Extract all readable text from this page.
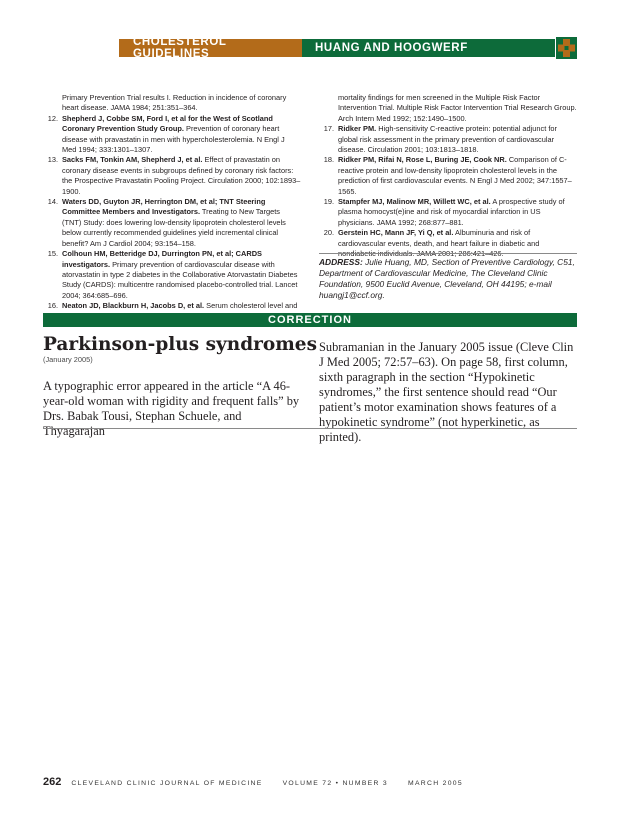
CHOLESTEROL GUIDELINES	HUANG AND HOOGWERF
Primary Prevention Trial results I. Reduction in incidence of coronary heart disease. JAMA 1984; 251:351–364.
12. Shepherd J, Cobbe SM, Ford I, et al for the West of Scotland Coronary Prevention Study Group. Prevention of coronary heart disease with pravastatin in men with hypercholesterolemia. N Engl J Med 1994; 333:1301–1307.
13. Sacks FM, Tonkin AM, Shepherd J, et al. Effect of pravastatin on coronary disease events in subgroups defined by coronary risk factors: the Prospective Pravastatin Pooling Project. Circulation 2000; 102:1893–1900.
14. Waters DD, Guyton JR, Herrington DM, et al; TNT Steering Committee Members and Investigators. Treating to New Targets (TNT) Study: does lowering low-density lipoprotein cholesterol levels below currently recommended guidelines yield incremental clinical benefit? Am J Cardiol 2004; 93:154–158.
15. Colhoun HM, Betteridge DJ, Durrington PN, et al; CARDS investigators. Primary prevention of cardiovascular disease with atorvastatin in type 2 diabetes in the Collaborative Atorvastatin Diabetes Study (CARDS): multicentre randomised placebo-controlled trial. Lancet 2004; 364:685–696.
16. Neaton JD, Blackburn H, Jacobs D, et al. Serum cholesterol level and
mortality findings for men screened in the Multiple Risk Factor Intervention Trial. Multiple Risk Factor Intervention Trial Research Group. Arch Intern Med 1992; 152:1490–1500.
17. Ridker PM. High-sensitivity C-reactive protein: potential adjunct for global risk assessment in the primary prevention of cardiovascular disease. Circulation 2001; 103:1813–1818.
18. Ridker PM, Rifai N, Rose L, Buring JE, Cook NR. Comparison of C-reactive protein and low-density lipoprotein cholesterol levels in the prediction of first cardiovascular events. N Engl J Med 2002; 347:1557–1565.
19. Stampfer MJ, Malinow MR, Willett WC, et al. A prospective study of plasma homocyst(e)ine and risk of myocardial infarction in US physicians. JAMA 1992; 268:877–881.
20. Gerstein HC, Mann JF, Yi Q, et al. Albuminuria and risk of cardiovascular events, death, and heart failure in diabetic and nondiabetic individuals. JAMA 2001; 286:421–426.
ADDRESS: Julie Huang, MD, Section of Preventive Cardiology, C51, Department of Cardiovascular Medicine, The Cleveland Clinic Foundation, 9500 Euclid Avenue, Cleveland, OH 44195; e-mail huangj1@ccf.org.
CORRECTION
Parkinson-plus syndromes
(January 2005)
A typographic error appeared in the article “A 46-year-old woman with rigidity and frequent falls” by Drs. Babak Tousi, Stephan Schuele, and Thyagarajan
Subramanian in the January 2005 issue (Cleve Clin J Med 2005; 72:57–63). On page 58, first column, sixth paragraph in the section “Hypokinetic syndromes,” the first sentence should read “Our patient’s motor examination shows features of a hypokinetic syndrome” (not hyperkinetic, as printed).
262 CLEVELAND CLINIC JOURNAL OF MEDICINE	VOLUME 72 • NUMBER 3	MARCH 2005
